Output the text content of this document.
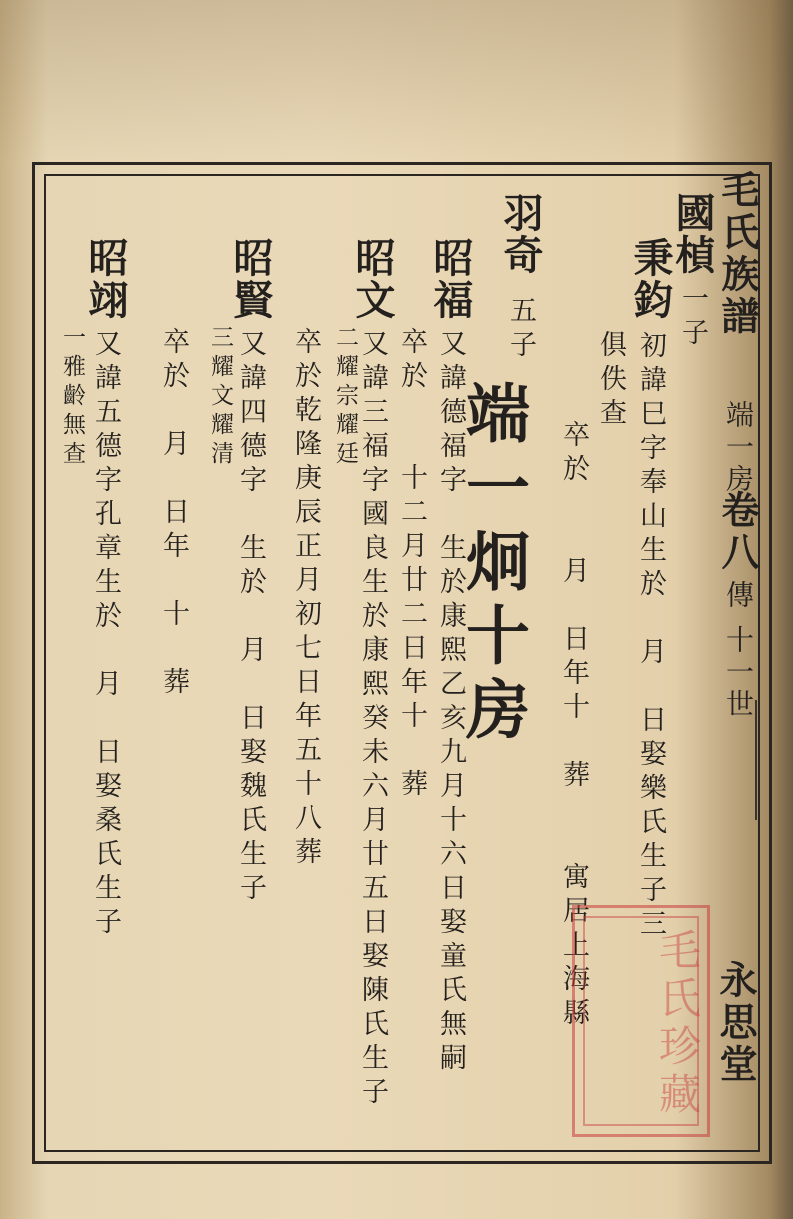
毛氏族譜
端一房
卷八
傳
十一世
永思堂
國楨一子
秉鈞初諱巳字奉山生於　月　日娶樂氏生子三
俱佚查
卒於　　月　日年十　葬　　寓居上海縣
羽奇五子
端一炯十房
昭福又諱德福字　生於康熙乙亥九月十六日娶童氏無嗣
卒於　　十二月廿二日年十　葬
昭文又諱三福字國良生於康熙癸未六月廿五日娶陳氏生子
二耀宗耀廷
卒於乾隆庚辰正月初七日年五十八葬
昭賢又諱四德字　生於　月　日娶魏氏生子
三耀文耀清
卒於　月　日年　十　葬
昭翊又諱五德字孔章生於　月　日娶桑氏生子
一雅齡無查
毛氏珍藏
